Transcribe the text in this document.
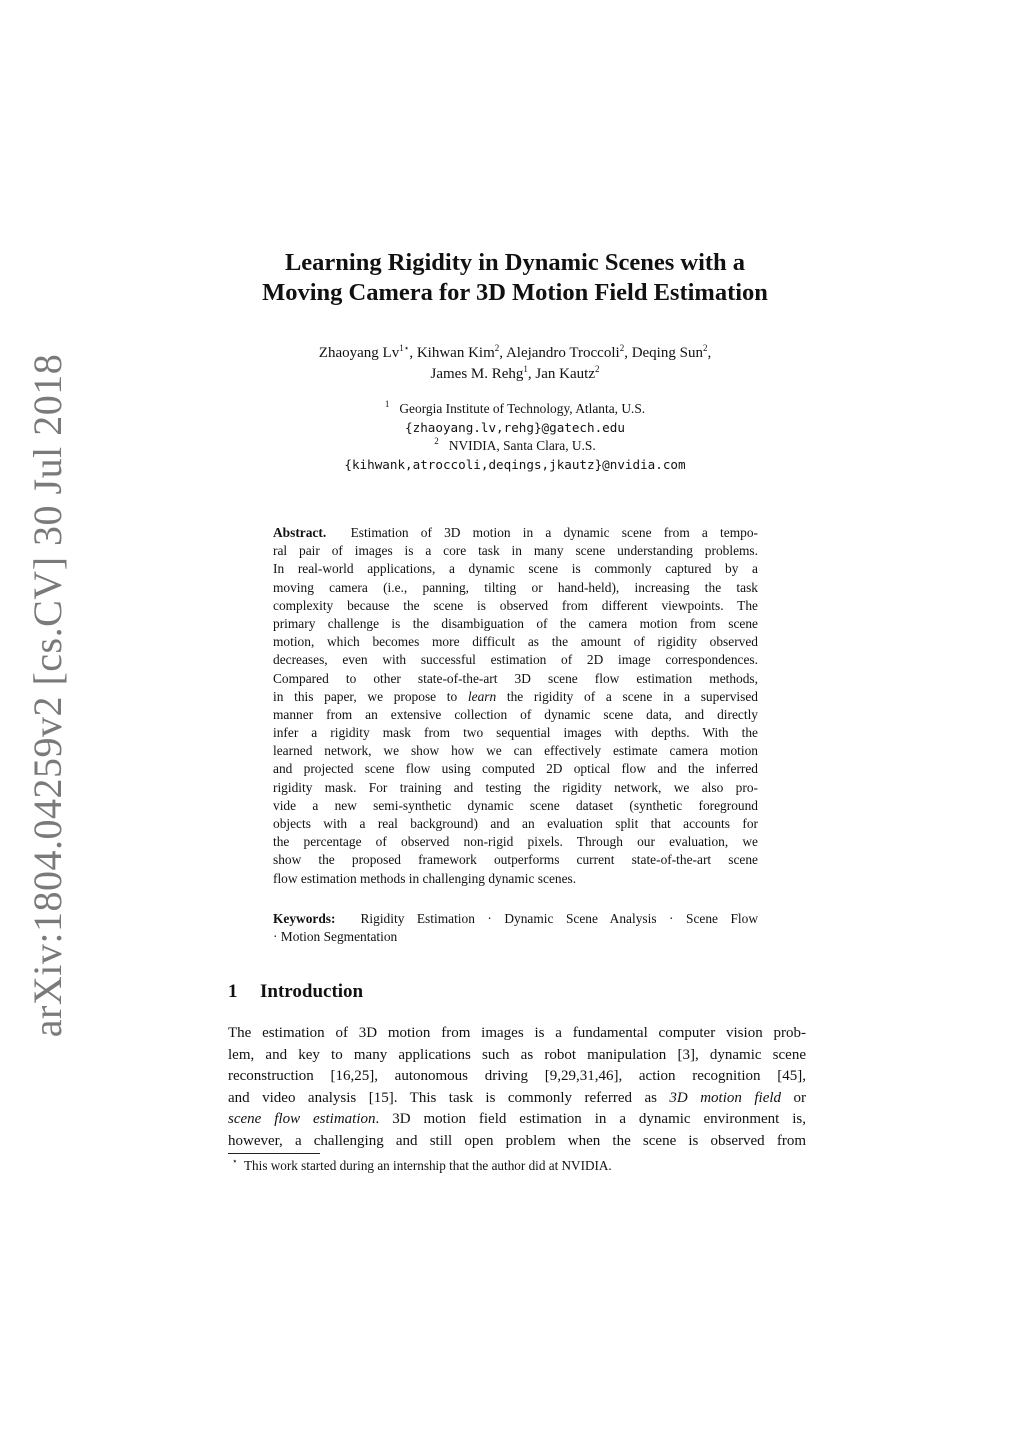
arXiv:1804.04259v2 [cs.CV] 30 Jul 2018
Learning Rigidity in Dynamic Scenes with a
Moving Camera for 3D Motion Field Estimation
Zhaoyang $Lv^{1⋆}$, Kihwan Kim$^2$, Alejandro Troccoli$^2$, Deqing Sun$^2$,
James M. Rehg$^1$, Jan Kautz$^2$
$^1$ Georgia Institute of Technology, Atlanta, U.S.
{zhaoyang.lv,rehg}@gatech.edu
$^2$ NVIDIA, Santa Clara, U.S.
{kihwank,atroccoli,deqings,jkautz}@nvidia.com
Abstract. Estimation of 3D motion in a dynamic scene from a tempo-
ral pair of images is a core task in many scene understanding problems.
In real-world applications, a dynamic scene is commonly captured by a
moving camera (i.e., panning, tilting or hand-held), increasing the task
complexity because the scene is observed from different viewpoints. The
primary challenge is the disambiguation of the camera motion from scene
motion, which becomes more difficult as the amount of rigidity observed
decreases, even with successful estimation of 2D image correspondences.
Compared to other state-of-the-art 3D scene flow estimation methods,
in this paper, we propose to learn the rigidity of a scene in a supervised
manner from an extensive collection of dynamic scene data, and directly
infer a rigidity mask from two sequential images with depths. With the
learned network, we show how we can effectively estimate camera motion
and projected scene flow using computed 2D optical flow and the inferred
rigidity mask. For training and testing the rigidity network, we also pro-
vide a new semi-synthetic dynamic scene dataset (synthetic foreground
objects with a real background) and an evaluation split that accounts for
the percentage of observed non-rigid pixels. Through our evaluation, we
show the proposed framework outperforms current state-of-the-art scene
flow estimation methods in challenging dynamic scenes.
Keywords: Rigidity Estimation · Dynamic Scene Analysis · Scene Flow
· Motion Segmentation
1 Introduction
The estimation of 3D motion from images is a fundamental computer vision prob-
lem, and key to many applications such as robot manipulation [3], dynamic scene
reconstruction [16,25], autonomous driving [9,29,31,46], action recognition [45],
and video analysis [15]. This task is commonly referred as 3D motion field or
scene flow estimation. 3D motion field estimation in a dynamic environment is,
however, a challenging and still open problem when the scene is observed from
⋆ This work started during an internship that the author did at NVIDIA.
